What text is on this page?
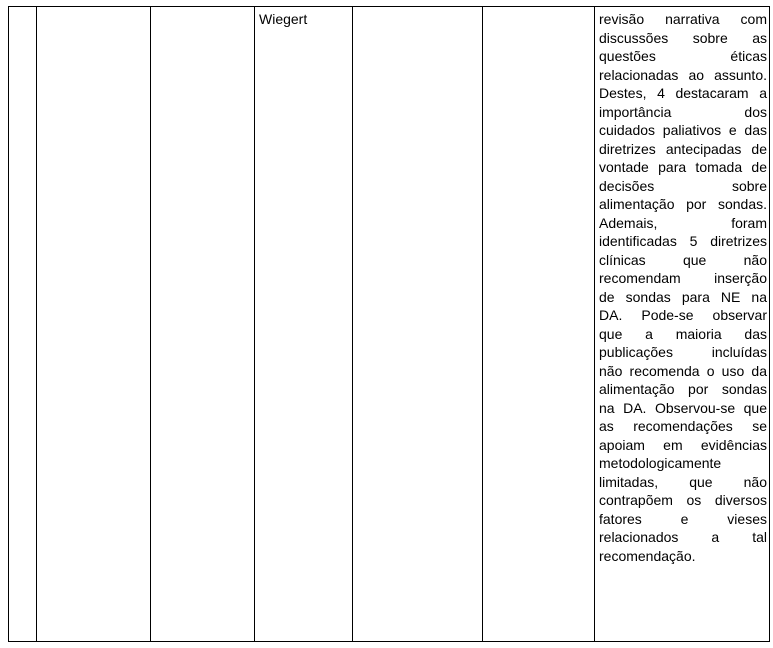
Wiegert	revisão narrativa com

discussões sobre as

questões éticas

relacionadas ao assunto.

Destes, 4 destacaram a

importância dos

cuidados paliativos e das

diretrizes antecipadas de

vontade para tomada de

decisões sobre

alimentação por sondas.

Ademais, foram

identificadas 5 diretrizes

clínicas que não

recomendam inserção

de sondas para NE na

DA. Pode-se observar

que a maioria das

publicações incluídas

não recomenda o uso da

alimentação por sondas

na DA. Observou-se que

as recomendações se

apoiam em evidências

metodologicamente

limitadas, que não

contrapõem os diversos

fatores e vieses

relacionados a tal

recomendação.
